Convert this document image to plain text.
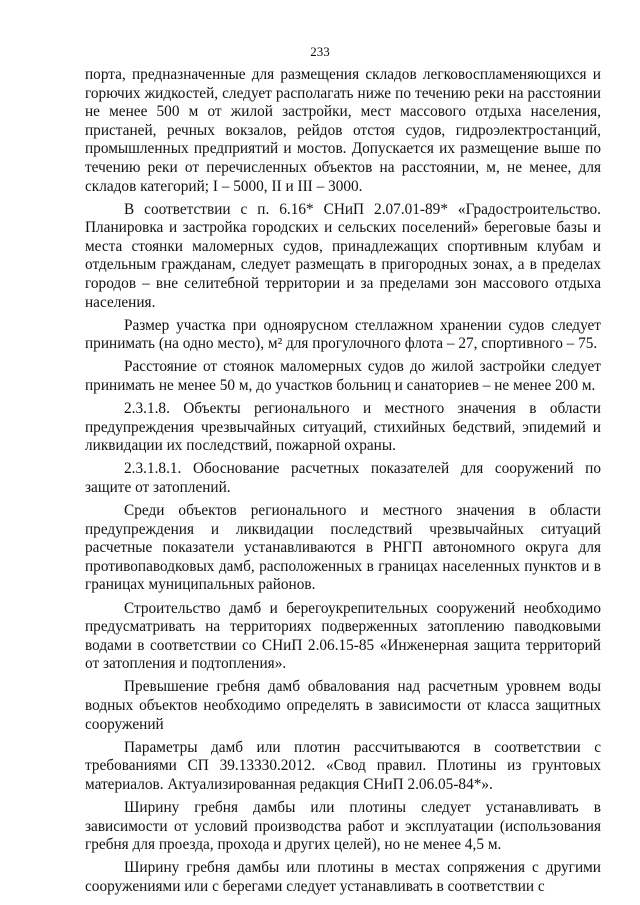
233

порта, предназначенные для размещения складов легковоспламеняющихся и горючих жидкостей, следует располагать ниже по течению реки на расстоянии не менее 500 м от жилой застройки, мест массового отдыха населения, пристаней, речных вокзалов, рейдов отстоя судов, гидроэлектростанций, промышленных предприятий и мостов. Допускается их размещение выше по течению реки от перечисленных объектов на расстоянии, м, не менее, для складов категорий; I – 5000, II и III – 3000.

В соответствии с п. 6.16* СНиП 2.07.01-89* «Градостроительство. Планировка и застройка городских и сельских поселений» береговые базы и места стоянки маломерных судов, принадлежащих спортивным клубам и отдельным гражданам, следует размещать в пригородных зонах, а в пределах городов – вне селитебной территории и за пределами зон массового отдыха населения.

Размер участка при одноярусном стеллажном хранении судов следует принимать (на одно место), м² для прогулочного флота – 27, спортивного – 75.

Расстояние от стоянок маломерных судов до жилой застройки следует принимать не менее 50 м, до участков больниц и санаториев – не менее 200 м.

2.3.1.8. Объекты регионального и местного значения в области предупреждения чрезвычайных ситуаций, стихийных бедствий, эпидемий и ликвидации их последствий, пожарной охраны.

2.3.1.8.1. Обоснование расчетных показателей для сооружений по защите от затоплений.

Среди объектов регионального и местного значения в области предупреждения и ликвидации последствий чрезвычайных ситуаций расчетные показатели устанавливаются в РНГП автономного округа для противопаводковых дамб, расположенных в границах населенных пунктов и в границах муниципальных районов.

Строительство дамб и берегоукрепительных сооружений необходимо предусматривать на территориях подверженных затоплению паводковыми водами в соответствии со СНиП 2.06.15-85 «Инженерная защита территорий от затопления и подтопления».

Превышение гребня дамб обвалования над расчетным уровнем воды водных объектов необходимо определять в зависимости от класса защитных сооружений

Параметры дамб или плотин рассчитываются в соответствии с требованиями СП 39.13330.2012. «Свод правил. Плотины из грунтовых материалов. Актуализированная редакция СНиП 2.06.05-84*».

Ширину гребня дамбы или плотины следует устанавливать в зависимости от условий производства работ и эксплуатации (использования гребня для проезда, прохода и других целей), но не менее 4,5 м.

Ширину гребня дамбы или плотины в местах сопряжения с другими сооружениями или с берегами следует устанавливать в соответствии с
